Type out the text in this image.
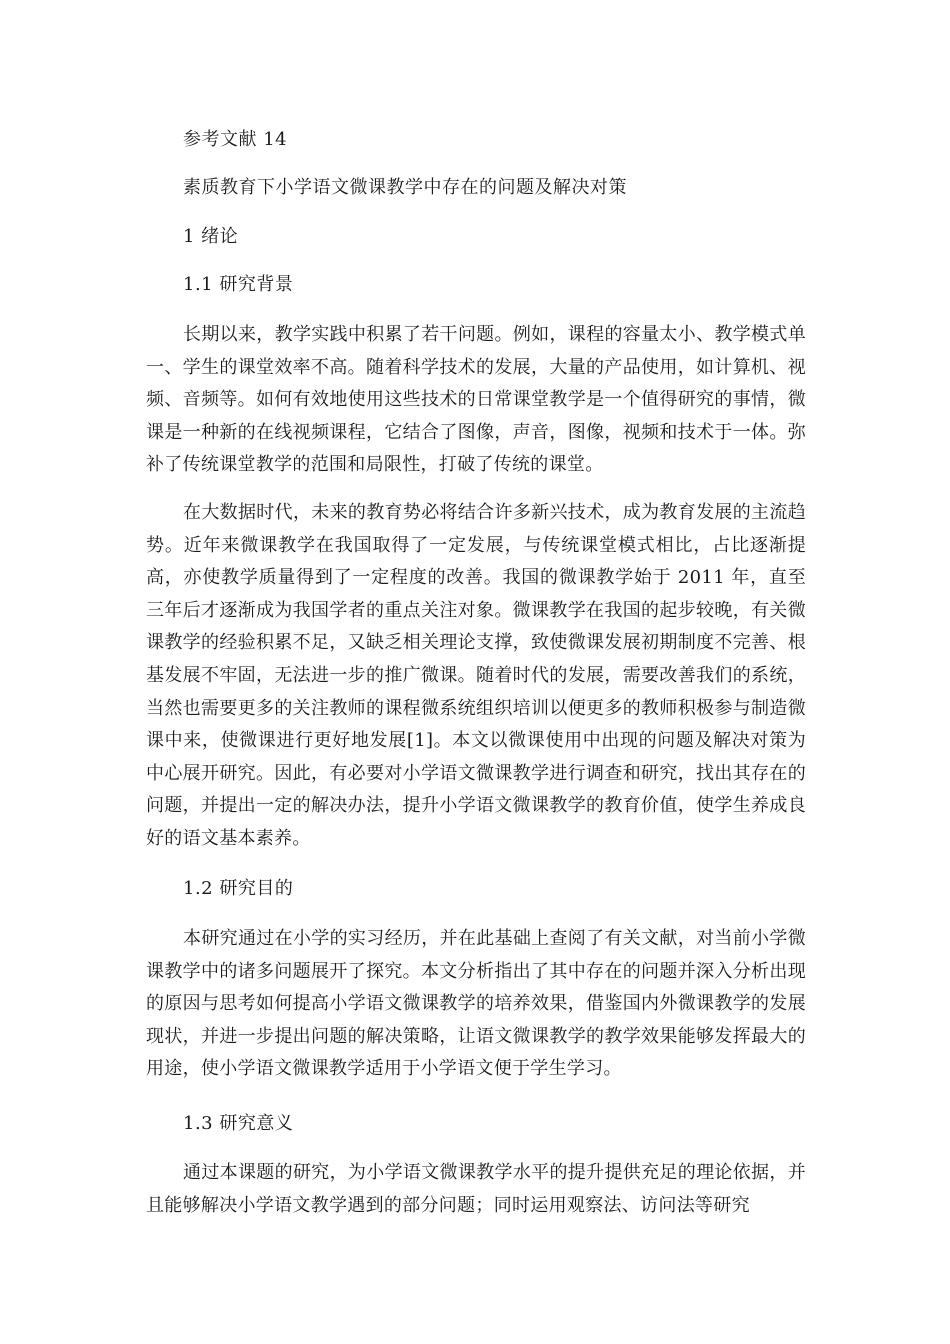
参考文献 14
素质教育下小学语文微课教学中存在的问题及解决对策
1 绪论
1.1 研究背景
长期以来，教学实践中积累了若干问题。例如，课程的容量太小、教学模式单一、学生的课堂效率不高。随着科学技术的发展，大量的产品使用，如计算机、视频、音频等。如何有效地使用这些技术的日常课堂教学是一个值得研究的事情，微课是一种新的在线视频课程，它结合了图像，声音，图像，视频和技术于一体。弥补了传统课堂教学的范围和局限性，打破了传统的课堂。
在大数据时代，未来的教育势必将结合许多新兴技术，成为教育发展的主流趋势。近年来微课教学在我国取得了一定发展，与传统课堂模式相比，占比逐渐提高，亦使教学质量得到了一定程度的改善。我国的微课教学始于 2011 年，直至三年后才逐渐成为我国学者的重点关注对象。微课教学在我国的起步较晚，有关微课教学的经验积累不足，又缺乏相关理论支撑，致使微课发展初期制度不完善、根基发展不牢固，无法进一步的推广微课。随着时代的发展，需要改善我们的系统，当然也需要更多的关注教师的课程微系统组织培训以便更多的教师积极参与制造微课中来，使微课进行更好地发展[1]。本文以微课使用中出现的问题及解决对策为中心展开研究。因此，有必要对小学语文微课教学进行调查和研究，找出其存在的问题，并提出一定的解决办法，提升小学语文微课教学的教育价值，使学生养成良好的语文基本素养。
1.2 研究目的
本研究通过在小学的实习经历，并在此基础上查阅了有关文献，对当前小学微课教学中的诸多问题展开了探究。本文分析指出了其中存在的问题并深入分析出现的原因与思考如何提高小学语文微课教学的培养效果，借鉴国内外微课教学的发展现状，并进一步提出问题的解决策略，让语文微课教学的教学效果能够发挥最大的用途，使小学语文微课教学适用于小学语文便于学生学习。
1.3 研究意义
通过本课题的研究，为小学语文微课教学水平的提升提供充足的理论依据，并且能够解决小学语文教学遇到的部分问题；同时运用观察法、访问法等研究
